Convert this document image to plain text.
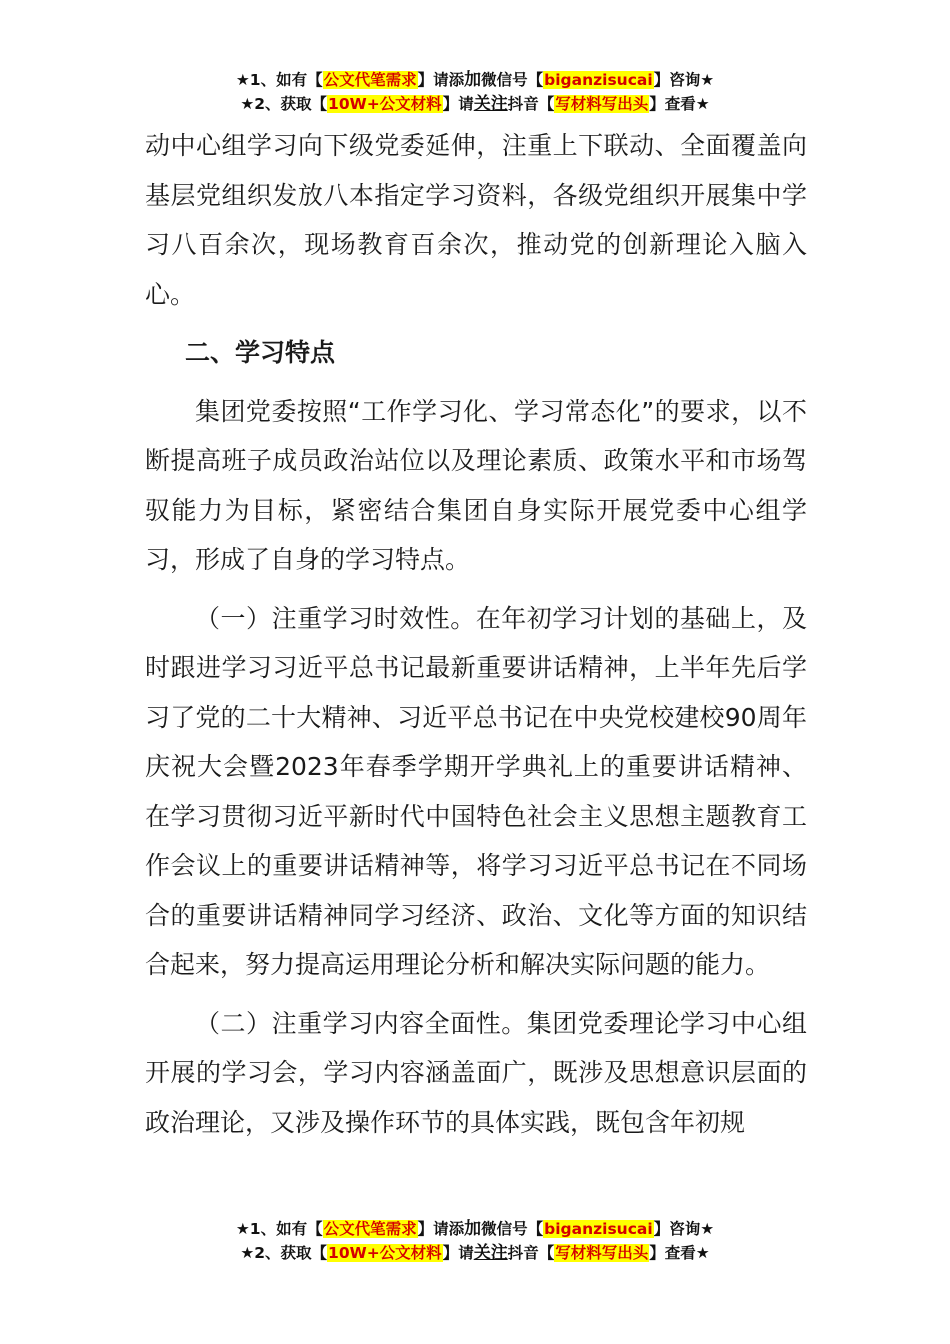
★1、如有【公文代笔需求】请添加微信号【biganzisucai】咨询★
★2、获取【10W+公文材料】请关注抖音【写材料写出头】查看★

动中心组学习向下级党委延伸，注重上下联动、全面覆盖向基层党组织发放八本指定学习资料，各级党组织开展集中学习八百余次，现场教育百余次，推动党的创新理论入脑入心。

二、学习特点

集团党委按照“工作学习化、学习常态化”的要求，以不断提高班子成员政治站位以及理论素质、政策水平和市场驾驭能力为目标，紧密结合集团自身实际开展党委中心组学习，形成了自身的学习特点。

（一）注重学习时效性。在年初学习计划的基础上，及时跟进学习习近平总书记最新重要讲话精神，上半年先后学习了党的二十大精神、习近平总书记在中央党校建校90周年庆祝大会暨2023年春季学期开学典礼上的重要讲话精神、在学习贯彻习近平新时代中国特色社会主义思想主题教育工作会议上的重要讲话精神等，将学习习近平总书记在不同场合的重要讲话精神同学习经济、政治、文化等方面的知识结合起来，努力提高运用理论分析和解决实际问题的能力。

（二）注重学习内容全面性。集团党委理论学习中心组开展的学习会，学习内容涵盖面广，既涉及思想意识层面的政治理论，又涉及操作环节的具体实践，既包含年初规

★1、如有【公文代笔需求】请添加微信号【biganzisucai】咨询★
★2、获取【10W+公文材料】请关注抖音【写材料写出头】查看★
